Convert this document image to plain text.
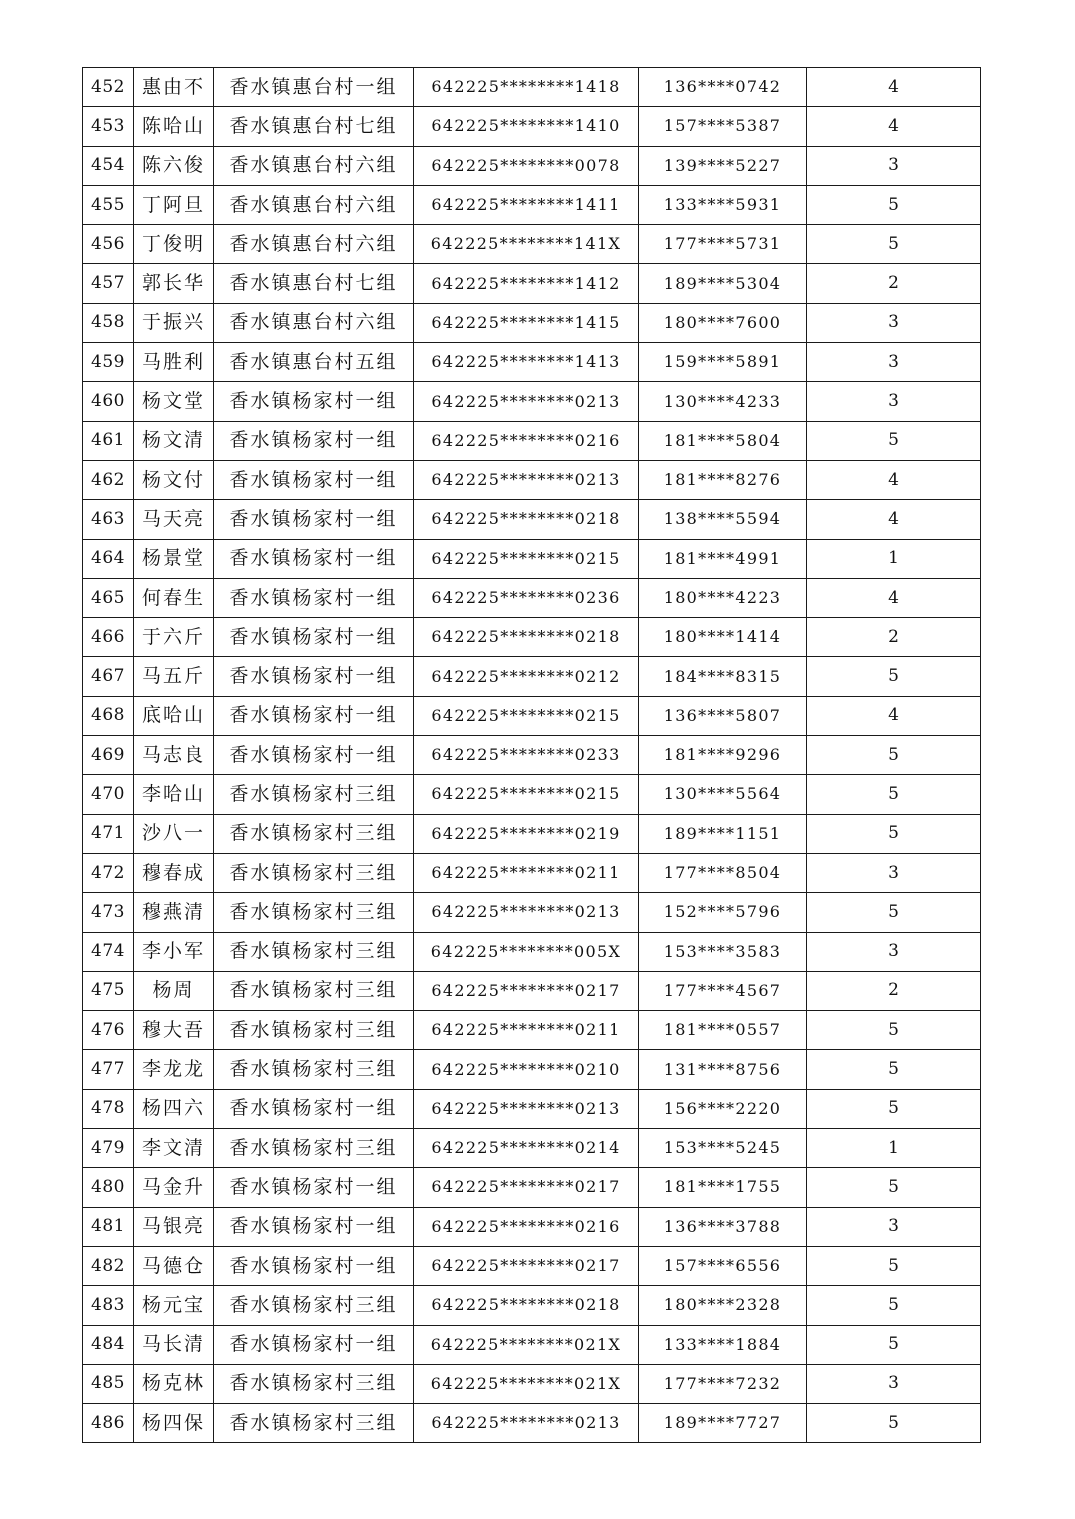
452	惠由不	香水镇惠台村一组	642225********1418	136****0742	4
453	陈哈山	香水镇惠台村七组	642225********1410	157****5387	4
454	陈六俊	香水镇惠台村六组	642225********0078	139****5227	3
455	丁阿旦	香水镇惠台村六组	642225********1411	133****5931	5
456	丁俊明	香水镇惠台村六组	642225********141X	177****5731	5
457	郭长华	香水镇惠台村七组	642225********1412	189****5304	2
458	于振兴	香水镇惠台村六组	642225********1415	180****7600	3
459	马胜利	香水镇惠台村五组	642225********1413	159****5891	3
460	杨文堂	香水镇杨家村一组	642225********0213	130****4233	3
461	杨文清	香水镇杨家村一组	642225********0216	181****5804	5
462	杨文付	香水镇杨家村一组	642225********0213	181****8276	4
463	马天亮	香水镇杨家村一组	642225********0218	138****5594	4
464	杨景堂	香水镇杨家村一组	642225********0215	181****4991	1
465	何春生	香水镇杨家村一组	642225********0236	180****4223	4
466	于六斤	香水镇杨家村一组	642225********0218	180****1414	2
467	马五斤	香水镇杨家村一组	642225********0212	184****8315	5
468	底哈山	香水镇杨家村一组	642225********0215	136****5807	4
469	马志良	香水镇杨家村一组	642225********0233	181****9296	5
470	李哈山	香水镇杨家村三组	642225********0215	130****5564	5
471	沙八一	香水镇杨家村三组	642225********0219	189****1151	5
472	穆春成	香水镇杨家村三组	642225********0211	177****8504	3
473	穆燕清	香水镇杨家村三组	642225********0213	152****5796	5
474	李小军	香水镇杨家村三组	642225********005X	153****3583	3
475	杨周	香水镇杨家村三组	642225********0217	177****4567	2
476	穆大吾	香水镇杨家村三组	642225********0211	181****0557	5
477	李龙龙	香水镇杨家村三组	642225********0210	131****8756	5
478	杨四六	香水镇杨家村一组	642225********0213	156****2220	5
479	李文清	香水镇杨家村三组	642225********0214	153****5245	1
480	马金升	香水镇杨家村一组	642225********0217	181****1755	5
481	马银亮	香水镇杨家村一组	642225********0216	136****3788	3
482	马德仓	香水镇杨家村一组	642225********0217	157****6556	5
483	杨元宝	香水镇杨家村三组	642225********0218	180****2328	5
484	马长清	香水镇杨家村一组	642225********021X	133****1884	5
485	杨克林	香水镇杨家村三组	642225********021X	177****7232	3
486	杨四保	香水镇杨家村三组	642225********0213	189****7727	5
